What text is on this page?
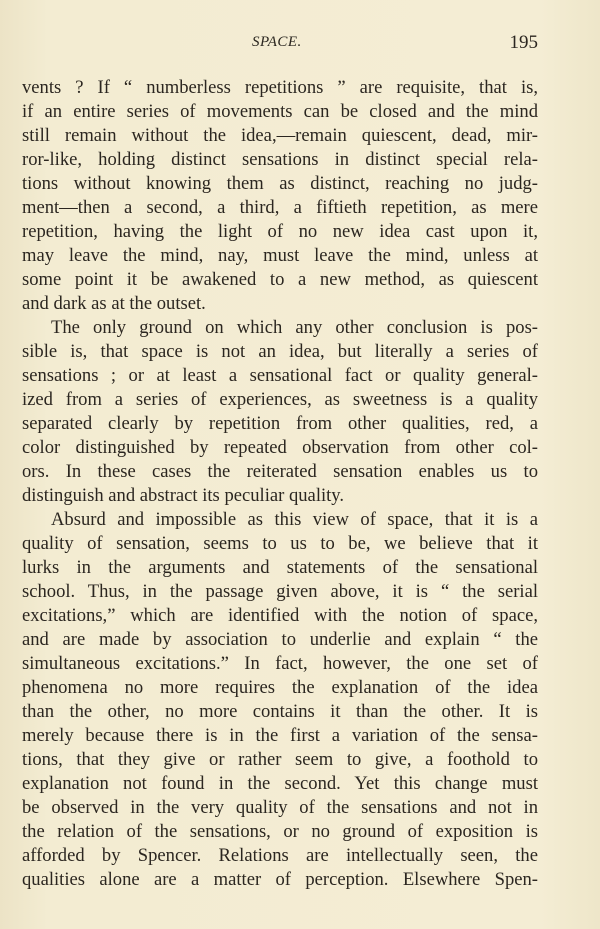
SPACE.	195
vents ? If “ numberless repetitions ” are requisite, that is,
if an entire series of movements can be closed and the mind
still remain without the idea,—remain quiescent, dead, mir-
ror-like, holding distinct sensations in distinct special rela-
tions without knowing them as distinct, reaching no judg-
ment—then a second, a third, a fiftieth repetition, as mere
repetition, having the light of no new idea cast upon it,
may leave the mind, nay, must leave the mind, unless at
some point it be awakened to a new method, as quiescent
and dark as at the outset.
The only ground on which any other conclusion is pos-
sible is, that space is not an idea, but literally a series of
sensations ; or at least a sensational fact or quality general-
ized from a series of experiences, as sweetness is a quality
separated clearly by repetition from other qualities, red, a
color distinguished by repeated observation from other col-
ors. In these cases the reiterated sensation enables us to
distinguish and abstract its peculiar quality.
Absurd and impossible as this view of space, that it is a
quality of sensation, seems to us to be, we believe that it
lurks in the arguments and statements of the sensational
school. Thus, in the passage given above, it is “ the serial
excitations,” which are identified with the notion of space,
and are made by association to underlie and explain “ the
simultaneous excitations.” In fact, however, the one set of
phenomena no more requires the explanation of the idea
than the other, no more contains it than the other. It is
merely because there is in the first a variation of the sensa-
tions, that they give or rather seem to give, a foothold to
explanation not found in the second. Yet this change must
be observed in the very quality of the sensations and not in
the relation of the sensations, or no ground of exposition is
afforded by Spencer. Relations are intellectually seen, the
qualities alone are a matter of perception. Elsewhere Spen-
